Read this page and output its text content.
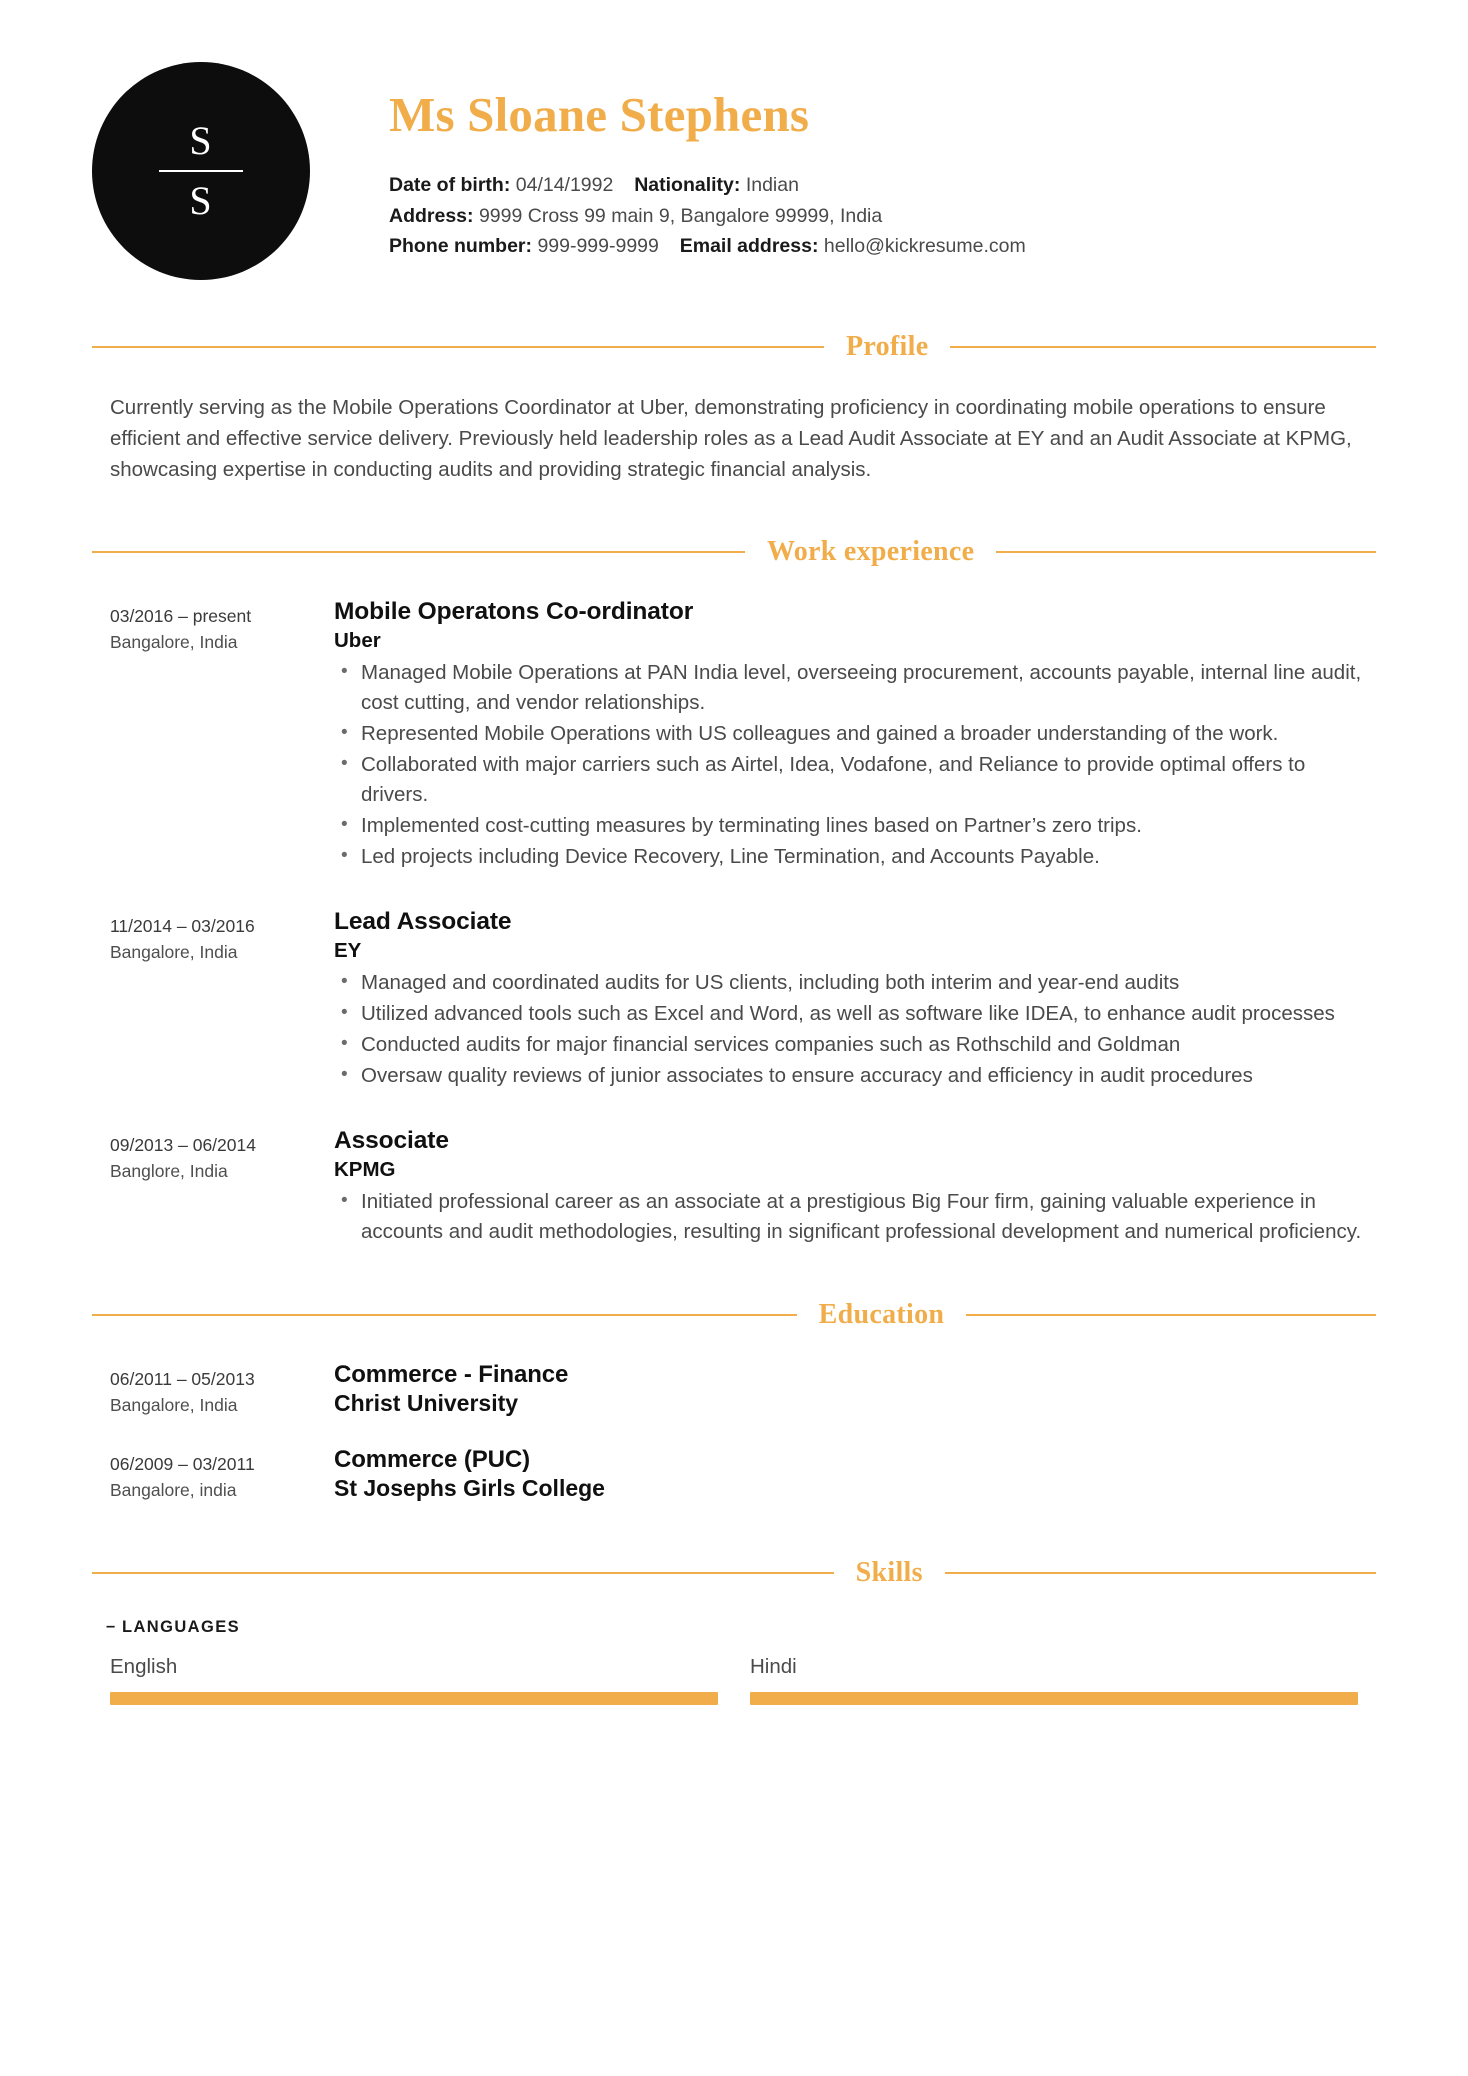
S
S
Ms Sloane Stephens
Date of birth: 04/14/1992 Nationality: Indian
Address: 9999 Cross 99 main 9, Bangalore 99999, India
Phone number: 999-999-9999 Email address: hello@kickresume.com
Profile
Currently serving as the Mobile Operations Coordinator at Uber, demonstrating proficiency in coordinating mobile operations to ensure efficient and effective service delivery. Previously held leadership roles as a Lead Audit Associate at EY and an Audit Associate at KPMG, showcasing expertise in conducting audits and providing strategic financial analysis.
Work experience
03/2016 – present
Bangalore, India
Mobile Operatons Co-ordinator
Uber
• Managed Mobile Operations at PAN India level, overseeing procurement, accounts payable, internal line audit, cost cutting, and vendor relationships.
• Represented Mobile Operations with US colleagues and gained a broader understanding of the work.
• Collaborated with major carriers such as Airtel, Idea, Vodafone, and Reliance to provide optimal offers to drivers.
• Implemented cost-cutting measures by terminating lines based on Partner’s zero trips.
• Led projects including Device Recovery, Line Termination, and Accounts Payable.
11/2014 – 03/2016
Bangalore, India
Lead Associate
EY
• Managed and coordinated audits for US clients, including both interim and year-end audits
• Utilized advanced tools such as Excel and Word, as well as software like IDEA, to enhance audit processes
• Conducted audits for major financial services companies such as Rothschild and Goldman
• Oversaw quality reviews of junior associates to ensure accuracy and efficiency in audit procedures
09/2013 – 06/2014
Banglore, India
Associate
KPMG
• Initiated professional career as an associate at a prestigious Big Four firm, gaining valuable experience in accounts and audit methodologies, resulting in significant professional development and numerical proficiency.
Education
06/2011 – 05/2013
Bangalore, India
Commerce - Finance
Christ University
06/2009 – 03/2011
Bangalore, india
Commerce (PUC)
St Josephs Girls College
Skills
– LANGUAGES
English	Hindi
